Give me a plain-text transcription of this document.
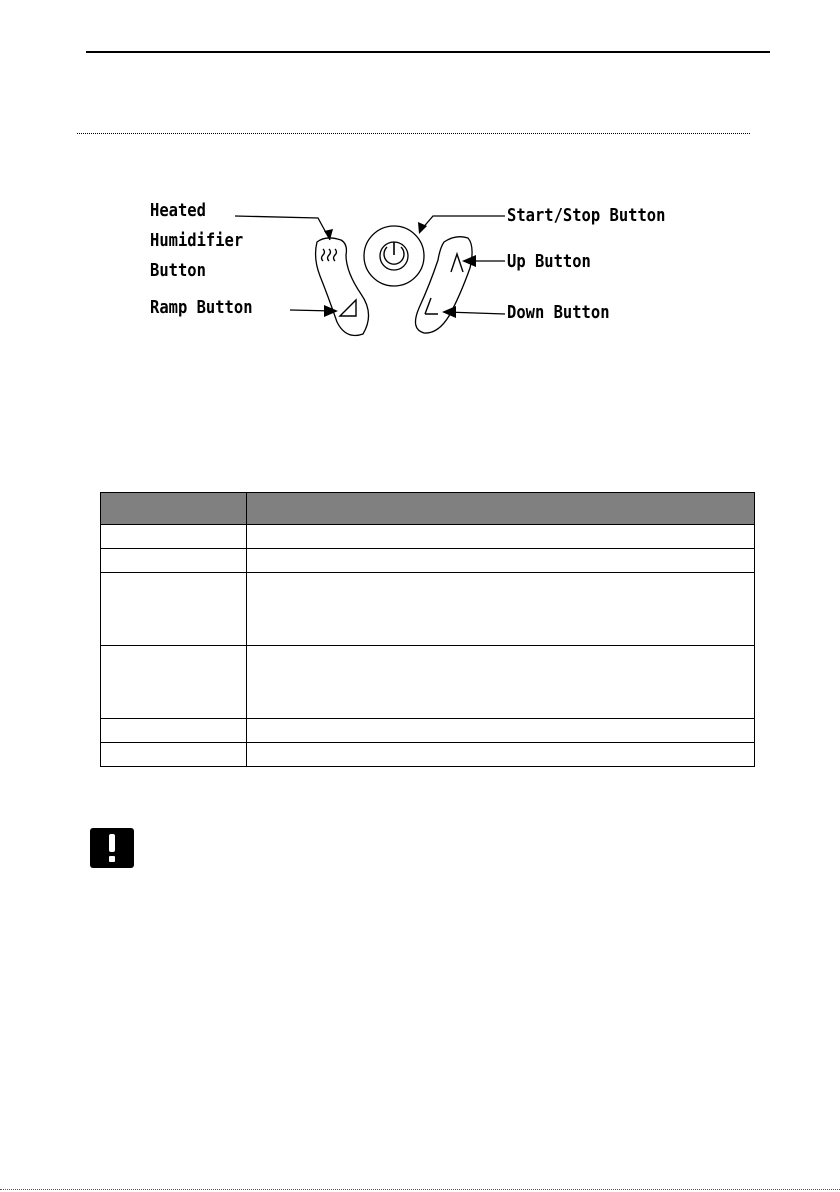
Heated Humidifier Button
Ramp Button
Start/Stop Button
Up Button
Down Button
